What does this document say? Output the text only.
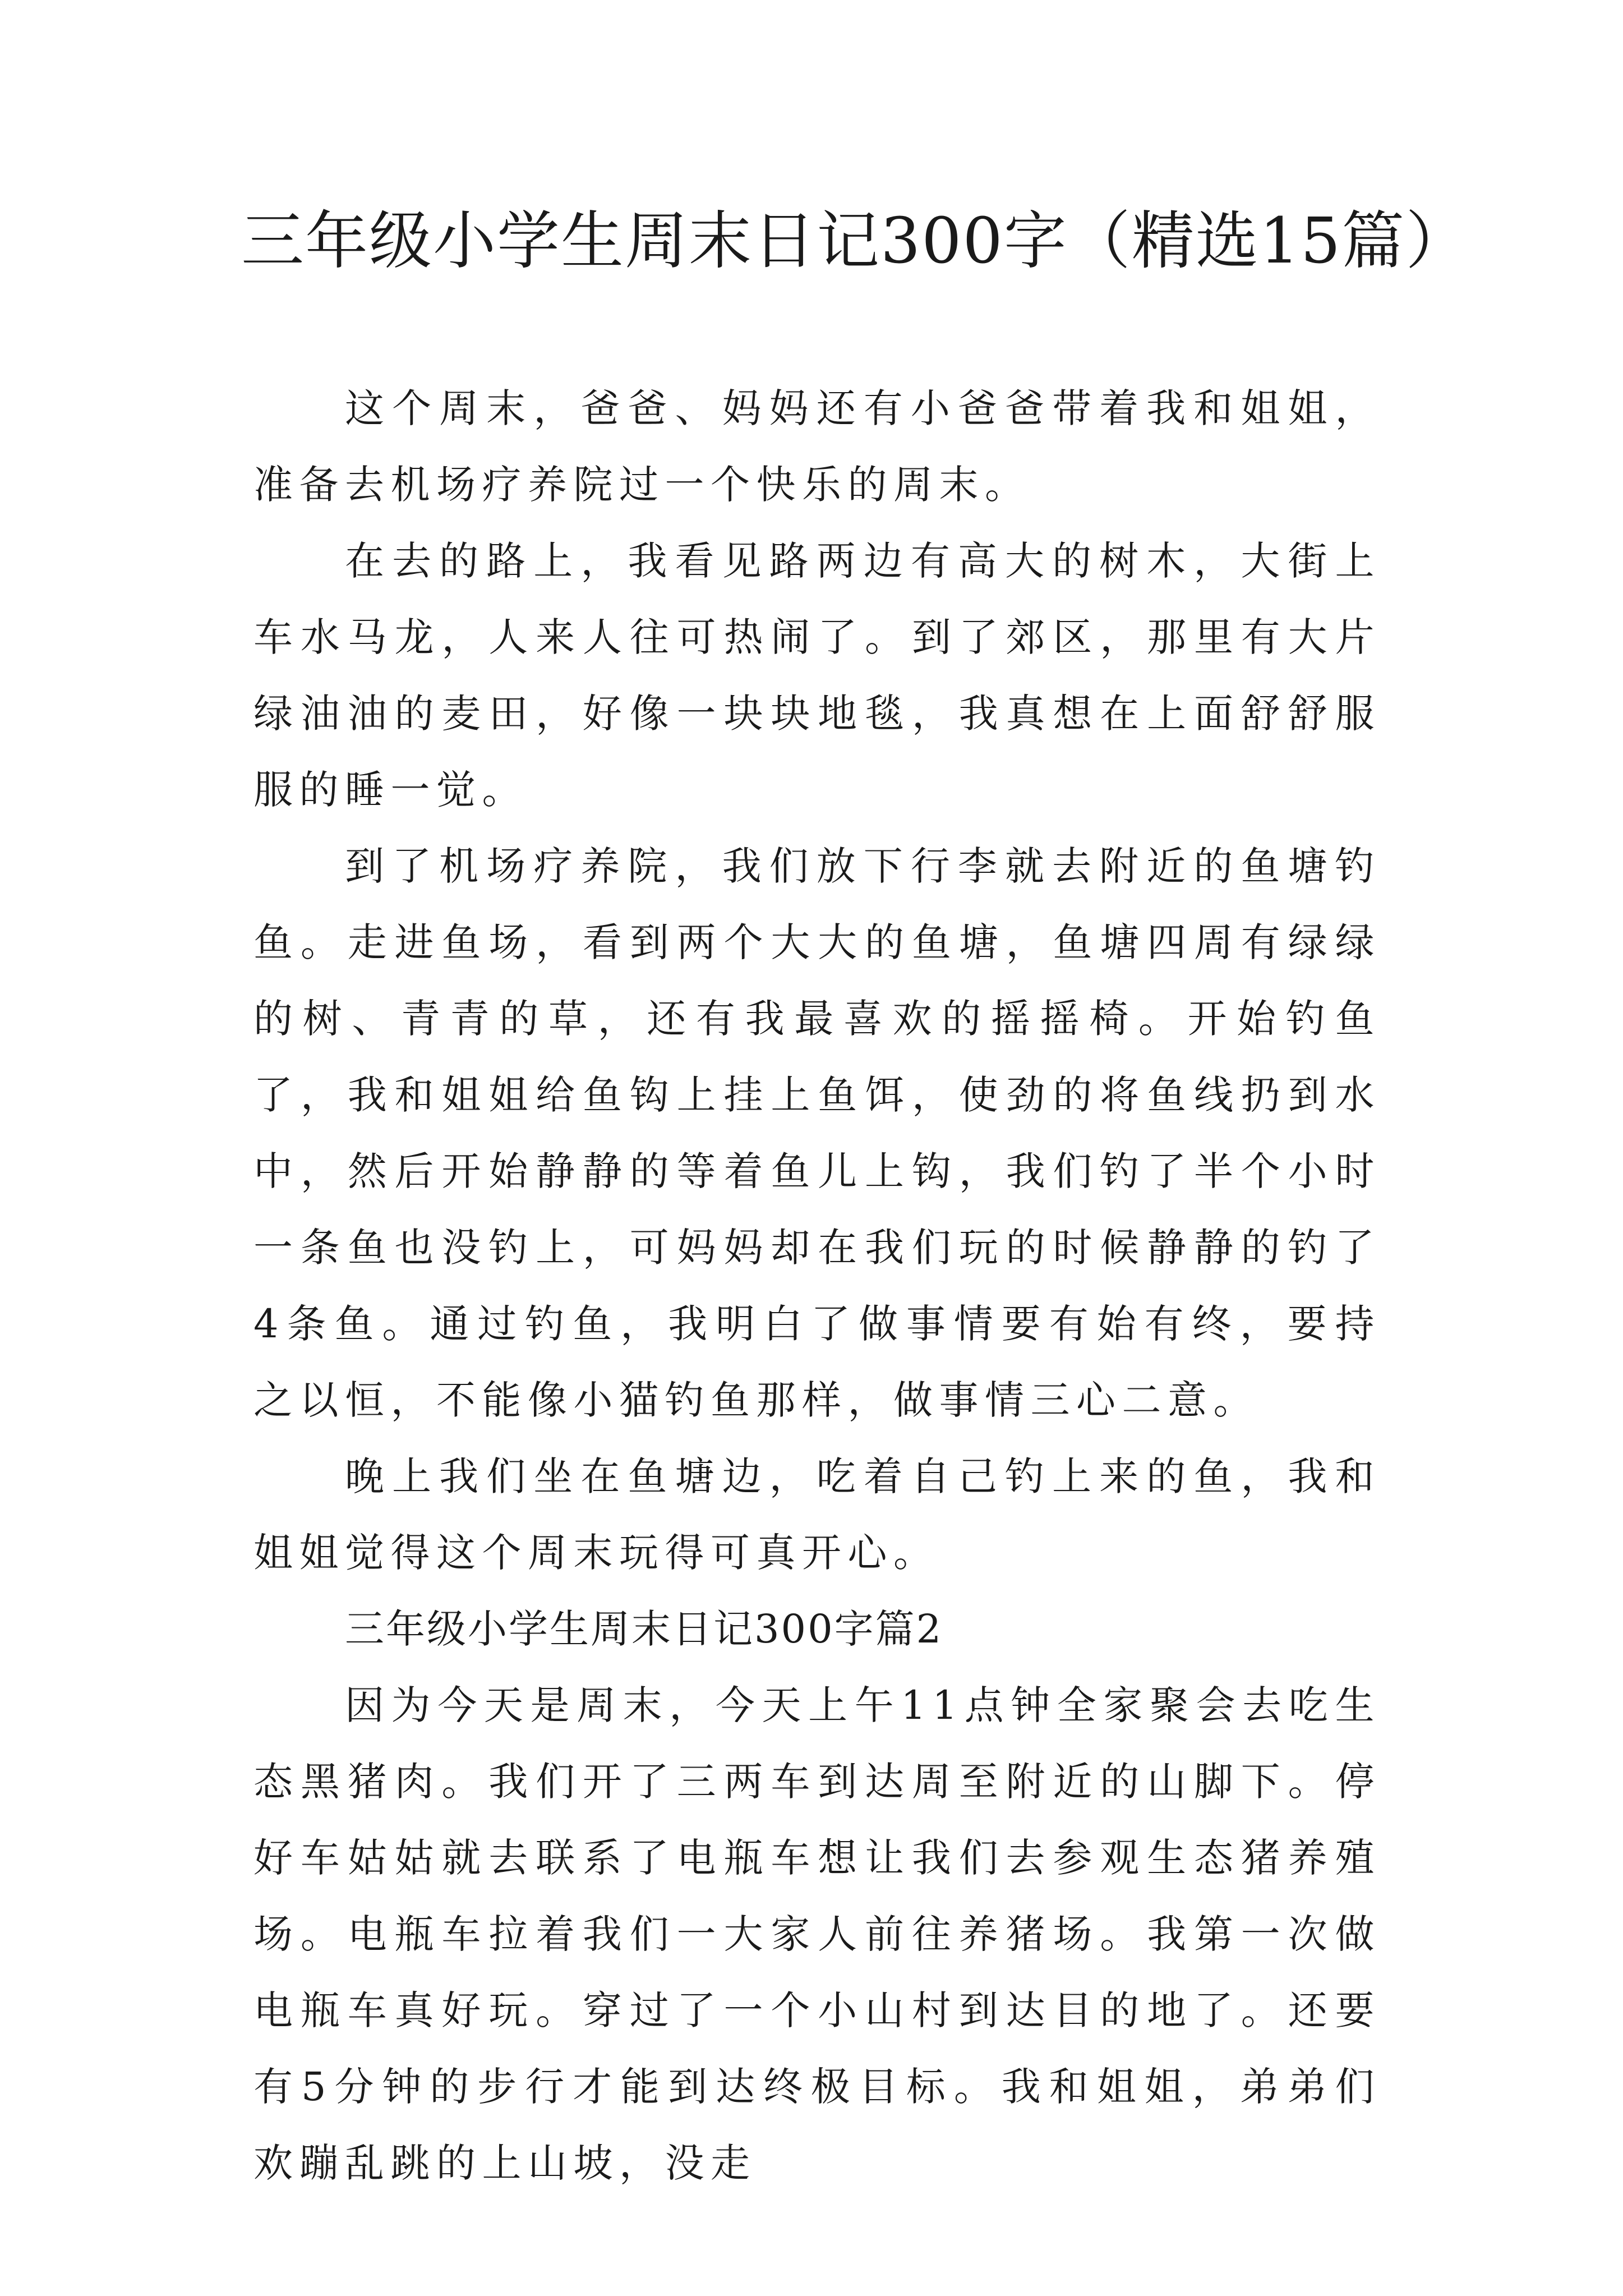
三年级小学生周末日记300字（精选15篇）

这个周末，爸爸、妈妈还有小爸爸带着我和姐姐，准备去机场疗养院过一个快乐的周末。

在去的路上，我看见路两边有高大的树木，大街上车水马龙，人来人往可热闹了。到了郊区，那里有大片绿油油的麦田，好像一块块地毯，我真想在上面舒舒服服的睡一觉。

到了机场疗养院，我们放下行李就去附近的鱼塘钓鱼。走进鱼场，看到两个大大的鱼塘，鱼塘四周有绿绿的树、青青的草，还有我最喜欢的摇摇椅。开始钓鱼了，我和姐姐给鱼钩上挂上鱼饵，使劲的将鱼线扔到水中，然后开始静静的等着鱼儿上钩，我们钓了半个小时一条鱼也没钓上，可妈妈却在我们玩的时候静静的钓了4条鱼。通过钓鱼，我明白了做事情要有始有终，要持之以恒，不能像小猫钓鱼那样，做事情三心二意。

晚上我们坐在鱼塘边，吃着自己钓上来的鱼，我和姐姐觉得这个周末玩得可真开心。

三年级小学生周末日记300字篇2

因为今天是周末，今天上午11点钟全家聚会去吃生态黑猪肉。我们开了三两车到达周至附近的山脚下。停好车姑姑就去联系了电瓶车想让我们去参观生态猪养殖场。电瓶车拉着我们一大家人前往养猪场。我第一次做电瓶车真好玩。穿过了一个小山村到达目的地了。还要有5分钟的步行才能到达终极目标。我和姐姐，弟弟们欢蹦乱跳的上山坡，没走
